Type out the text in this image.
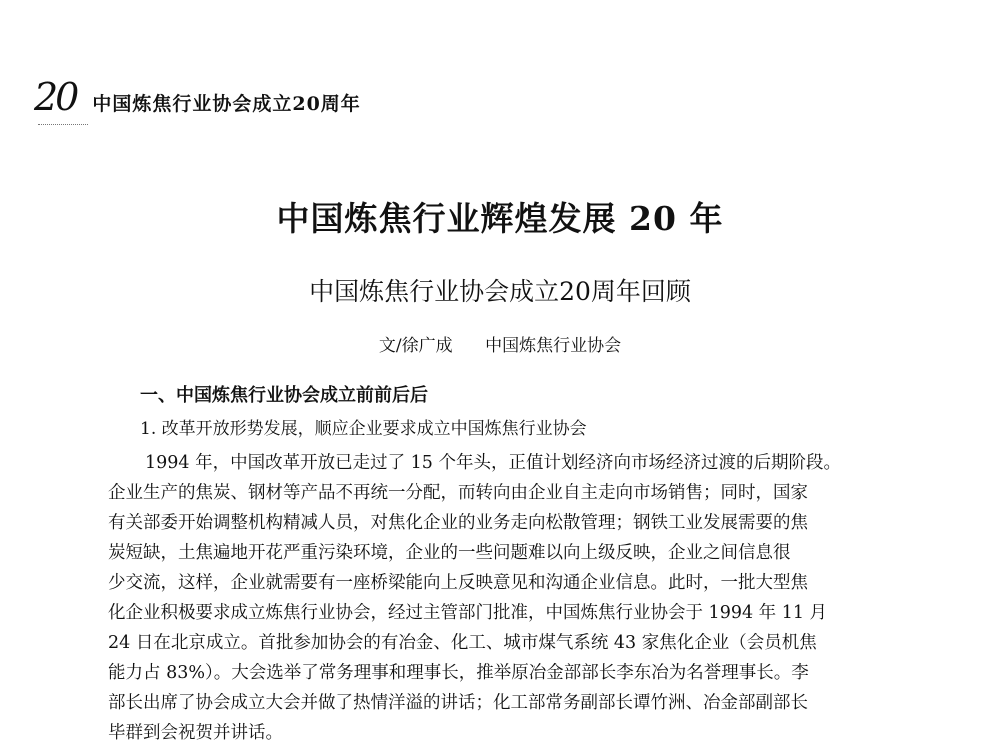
20 中国炼焦行业协会成立20周年
中国炼焦行业辉煌发展 20 年
中国炼焦行业协会成立20周年回顾
文/徐广成      中国炼焦行业协会
一、中国炼焦行业协会成立前前后后
1. 改革开放形势发展，顺应企业要求成立中国炼焦行业协会
1994 年，中国改革开放已走过了 15 个年头，正值计划经济向市场经济过渡的后期阶段。
企业生产的焦炭、钢材等产品不再统一分配，而转向由企业自主走向市场销售；同时，国家
有关部委开始调整机构精减人员，对焦化企业的业务走向松散管理；钢铁工业发展需要的焦
炭短缺，土焦遍地开花严重污染环境，企业的一些问题难以向上级反映，企业之间信息很
少交流，这样，企业就需要有一座桥梁能向上反映意见和沟通企业信息。此时，一批大型焦
化企业积极要求成立炼焦行业协会，经过主管部门批准，中国炼焦行业协会于 1994 年 11 月
24 日在北京成立。首批参加协会的有冶金、化工、城市煤气系统 43 家焦化企业（会员机焦
能力占 83%）。大会选举了常务理事和理事长，推举原冶金部部长李东冶为名誉理事长。李
部长出席了协会成立大会并做了热情洋溢的讲话；化工部常务副部长谭竹洲、冶金部副部长
毕群到会祝贺并讲话。
